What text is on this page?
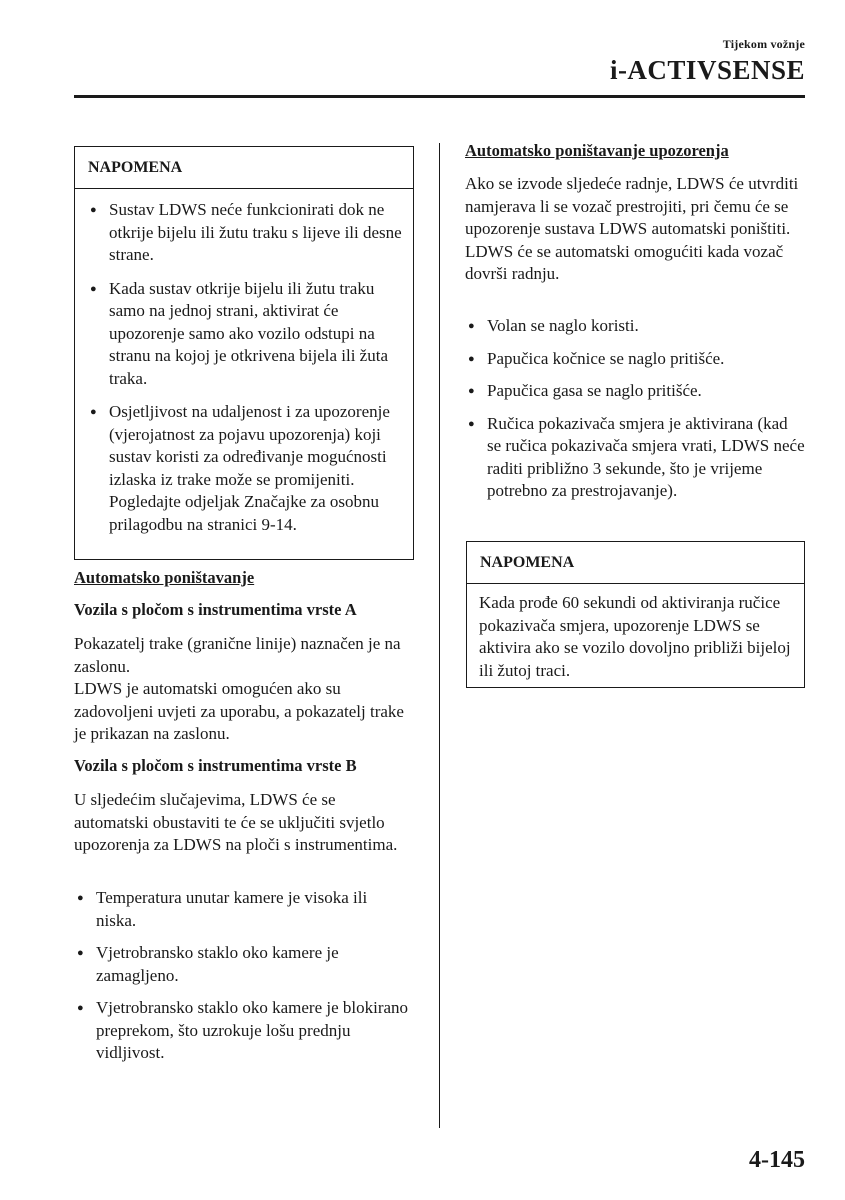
Tijekom vožnje
i-ACTIVSENSE
NAPOMENA
● Sustav LDWS neće funkcionirati dok ne otkrije bijelu ili žutu traku s lijeve ili desne strane.
● Kada sustav otkrije bijelu ili žutu traku samo na jednoj strani, aktivirat će upozorenje samo ako vozilo odstupi na stranu na kojoj je otkrivena bijela ili žuta traka.
● Osjetljivost na udaljenost i za upozorenje (vjerojatnost za pojavu upozorenja) koji sustav koristi za određivanje mogućnosti izlaska iz trake može se promijeniti. Pogledajte odjeljak Značajke za osobnu prilagodbu na stranici 9-14.
Automatsko poništavanje
Vozila s pločom s instrumentima vrste A
Pokazatelj trake (granične linije) naznačen je na zaslonu.
LDWS je automatski omogućen ako su zadovoljeni uvjeti za uporabu, a pokazatelj trake je prikazan na zaslonu.
Vozila s pločom s instrumentima vrste B
U sljedećim slučajevima, LDWS će se automatski obustaviti te će se uključiti svjetlo upozorenja za LDWS na ploči s instrumentima.
● Temperatura unutar kamere je visoka ili niska.
● Vjetrobransko staklo oko kamere je zamagljeno.
● Vjetrobransko staklo oko kamere je blokirano preprekom, što uzrokuje lošu prednju vidljivost.
Automatsko poništavanje upozorenja
Ako se izvode sljedeće radnje, LDWS će utvrditi namjeravа li se vozač prestrojiti, pri čemu će se upozorenje sustava LDWS automatski poništiti. LDWS će se automatski omogućiti kada vozač dovrši radnju.
● Volan se naglo koristi.
● Papučica kočnice se naglo pritišće.
● Papučica gasa se naglo pritišće.
● Ručica pokazivača smjera je aktivirana (kad se ručica pokazivača smjera vrati, LDWS neće raditi približno 3 sekunde, što je vrijeme potrebno za prestrojavanje).
NAPOMENA
Kada prođe 60 sekundi od aktiviranja ručice pokazivača smjera, upozorenje LDWS se aktivira ako se vozilo dovoljno približi bijeloj ili žutoj traci.
4-145
